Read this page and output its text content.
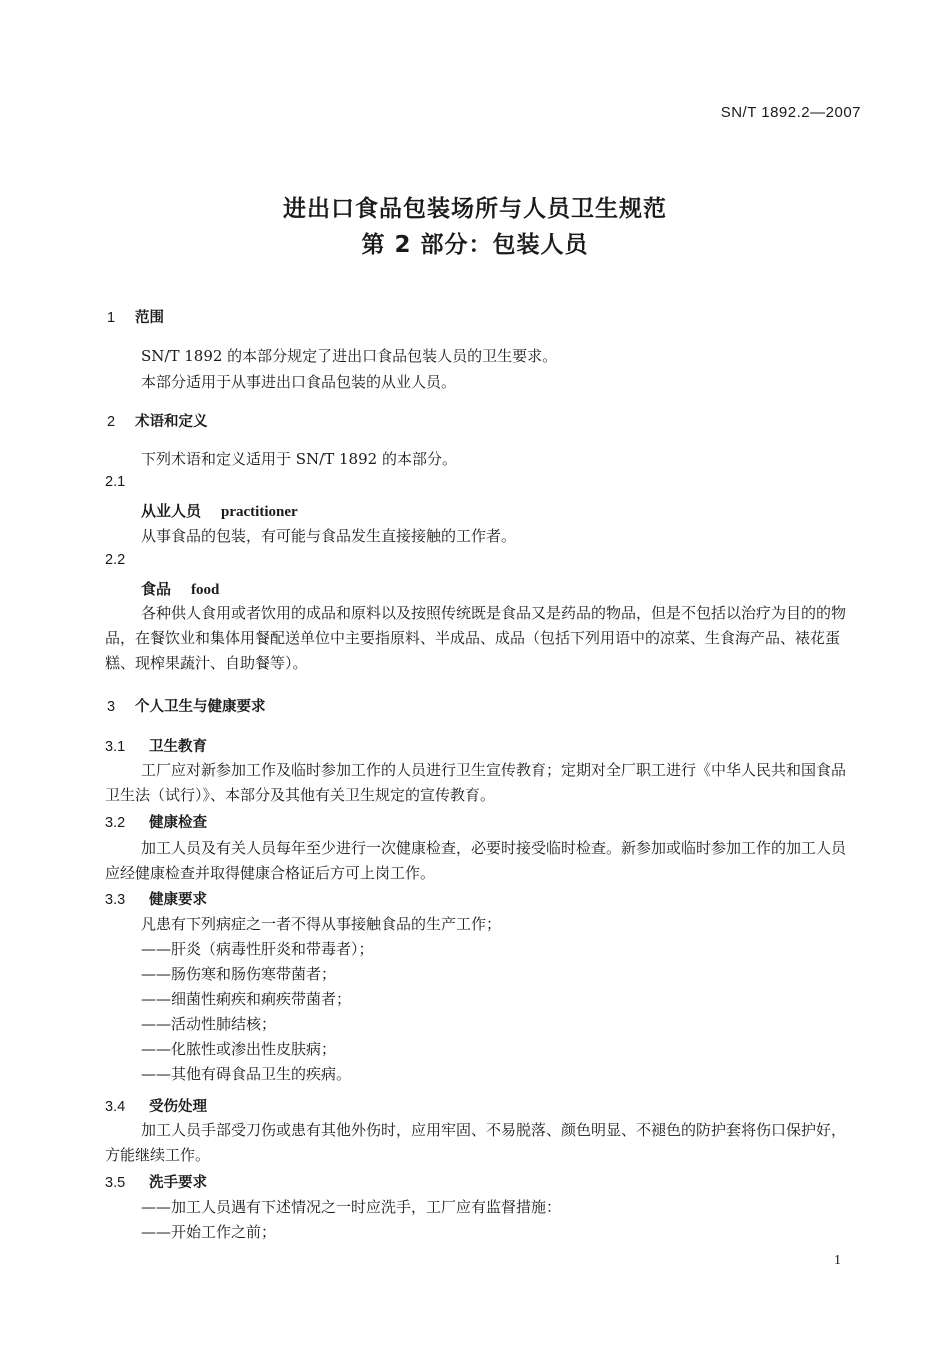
SN/T 1892.2—2007
进出口食品包装场所与人员卫生规范
第 2 部分：包装人员
1 范围
SN/T 1892 的本部分规定了进出口食品包装人员的卫生要求。
本部分适用于从事进出口食品包装的从业人员。
2 术语和定义
下列术语和定义适用于 SN/T 1892 的本部分。
2.1
从业人员 practitioner
从事食品的包装，有可能与食品发生直接接触的工作者。
2.2
食品 food
各种供人食用或者饮用的成品和原料以及按照传统既是食品又是药品的物品，但是不包括以治疗为目的的物品，在餐饮业和集体用餐配送单位中主要指原料、半成品、成品（包括下列用语中的凉菜、生食海产品、裱花蛋糕、现榨果蔬汁、自助餐等）。
3 个人卫生与健康要求
3.1 卫生教育
工厂应对新参加工作及临时参加工作的人员进行卫生宣传教育；定期对全厂职工进行《中华人民共和国食品卫生法（试行）》、本部分及其他有关卫生规定的宣传教育。
3.2 健康检查
加工人员及有关人员每年至少进行一次健康检查，必要时接受临时检查。新参加或临时参加工作的加工人员应经健康检查并取得健康合格证后方可上岗工作。
3.3 健康要求
凡患有下列病症之一者不得从事接触食品的生产工作；
——肝炎（病毒性肝炎和带毒者）；
——肠伤寒和肠伤寒带菌者；
——细菌性痢疾和痢疾带菌者；
——活动性肺结核；
——化脓性或渗出性皮肤病；
——其他有碍食品卫生的疾病。
3.4 受伤处理
加工人员手部受刀伤或患有其他外伤时，应用牢固、不易脱落、颜色明显、不褪色的防护套将伤口保护好，方能继续工作。
3.5 洗手要求
——加工人员遇有下述情况之一时应洗手，工厂应有监督措施：
——开始工作之前；
1
